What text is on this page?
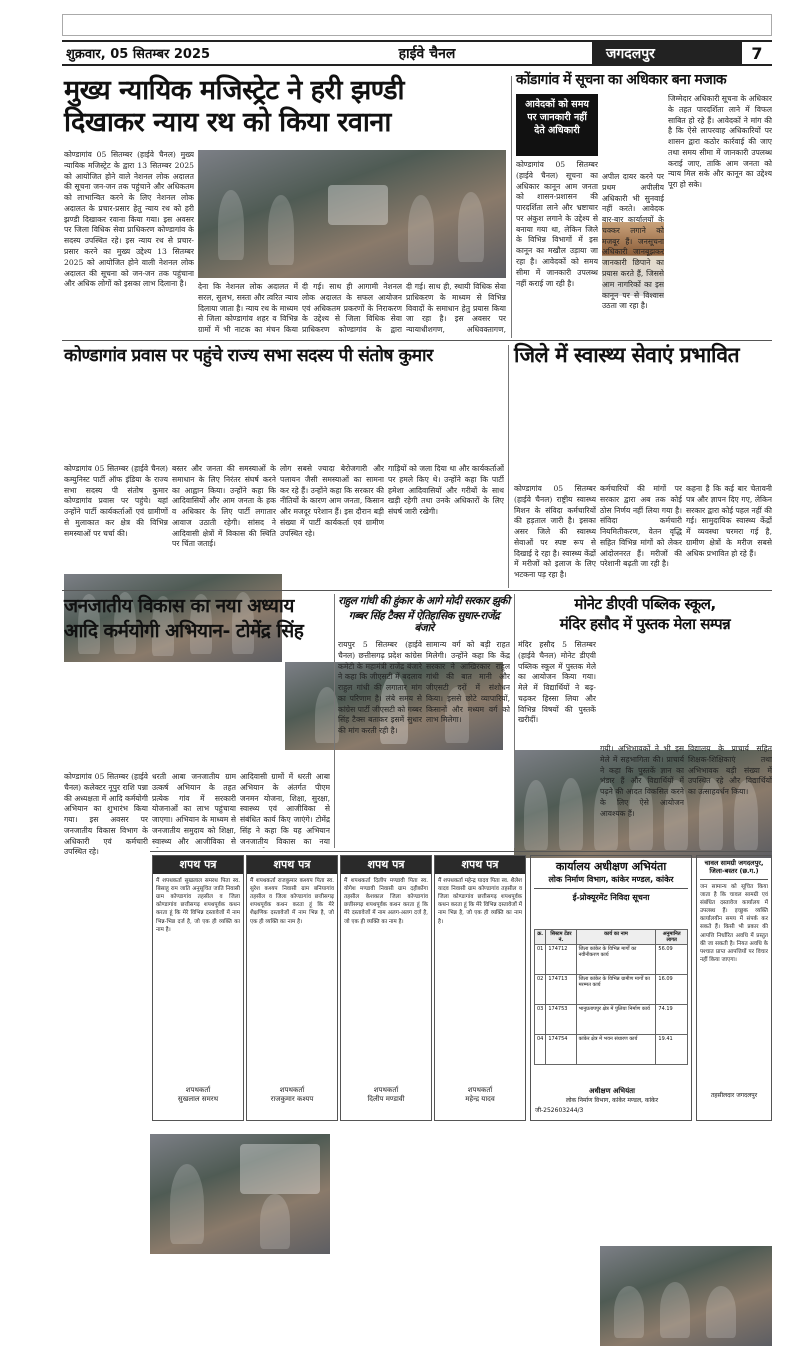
शुक्रवार, 05 सितम्बर 2025	हाईवे चैनल	जगदलपुर	7
मुख्य न्यायिक मजिस्ट्रेट ने हरी झण्डी
दिखाकर न्याय रथ को किया रवाना
कोण्डागांव 05 सितम्बर (हाईवे चैनल) मुख्य न्यायिक मजिस्ट्रेट के द्वारा 13 सितम्बर 2025 को आयोजित होने वाले नेशनल लोक अदालत की सूचना जन-जन तक पहुंचाने और अधिकतम को लाभान्वित करने के लिए नेशनल लोक अदालत के प्रचार-प्रसार हेतु न्याय रथ को हरी झण्डी दिखाकर रवाना किया गया। इस अवसर पर जिला विधिक सेवा प्राधिकरण कोण्डागांव के सदस्य उपस्थित रहे। इस न्याय रथ से प्रचार-प्रसार करने का मुख्य उद्देश्य 13 सितम्बर 2025 को आयोजित होने वाली नेशनल लोक अदालत की सूचना को जन-जन तक पहुंचाना और अधिक लोगों को इसका लाभ दिलाना है।	देना कि नेशनल लोक अदालत में सरल, सुलभ, सस्ता और त्वरित न्याय दिलाया जाता है। न्याय रथ के माध्यम से जिला कोण्डागांव शहर व विभिन्न ग्रामों में भी नाटक का मंचन किया
दी गई। साथ ही आगामी नेशनल लोक अदालत के सफल आयोजन एवं अधिकतम प्रकरणों के निराकरण के उद्देश्य से जिला विधिक सेवा प्राधिकरण कोण्डागांव के द्वारा
दी गई। साथ ही, स्थायी विधिक सेवा प्राधिकरण के माध्यम से विभिन्न विवादों के समाधान हेतु प्रयास किया जा रहा है। इस अवसर पर न्यायाधीशगण, अधिवक्तागण,
कोंडागांव में सूचना का अधिकार बना मजाक
आवेदकों को समय पर जानकारी नहीं देते अधिकारी
जिम्मेदार अधिकारी सूचना के अधिकार के तहत पारदर्शिता लाने में विफल साबित हो रहे हैं। आवेदकों ने मांग की है कि ऐसे लापरवाह अधिकारियों पर शासन द्वारा कठोर कार्रवाई की जाए तथा समय सीमा में जानकारी उपलब्ध कराई जाए, ताकि आम जनता को न्याय मिल सके और कानून का उद्देश्य पूरा हो सके।
कोण्डागांव 05 सितम्बर (हाईवे चैनल) सूचना का अधिकार कानून आम जनता को शासन-प्रशासन की पारदर्शिता लाने और भ्रष्टाचार पर अंकुश लगाने के उद्देश्य से बनाया गया था, लेकिन जिले के विभिन्न विभागों में इस कानून का मखौल उड़ाया जा रहा है। आवेदकों को समय सीमा में जानकारी उपलब्ध नहीं कराई जा रही है।
अपील दायर करने पर प्रथम अपीलीय अधिकारी भी सुनवाई नहीं करते। आवेदक बार-बार कार्यालयों के चक्कर लगाने को मजबूर हैं। जनसूचना अधिकारी जानबूझकर जानकारी छिपाने का प्रयास करते हैं, जिससे आम नागरिकों का इस कानून पर से विश्वास उठता जा रहा है।
कोण्डागांव प्रवास पर पहुंचे राज्य सभा सदस्य पी संतोष कुमार
कोण्डागांव 05 सितम्बर (हाईवे चैनल) कम्युनिस्ट पार्टी ऑफ इंडिया के राज्य सभा सदस्य पी संतोष कुमार कोण्डागांव प्रवास पर पहुंचे। यहां उन्होंने पार्टी कार्यकर्ताओं एवं ग्रामीणों से मुलाकात कर क्षेत्र की विभिन्न समस्याओं पर चर्चा की।
बस्तर और जनता की समस्याओं के समाधान के लिए निरंतर संघर्ष करने का आह्वान किया। उन्होंने कहा कि आदिवासियों और आम जनता के हक व अधिकार के लिए पार्टी लगातार आवाज उठाती रहेगी। सांसद ने आदिवासी क्षेत्रों में विकास की स्थिति पर चिंता जताई।
लोग सबसे ज्यादा बेरोजगारी और पलायन जैसी समस्याओं का सामना कर रहे हैं। उन्होंने कहा कि सरकार की नीतियों के कारण आम जनता, किसान और मजदूर परेशान हैं। इस दौरान बड़ी संख्या में पार्टी कार्यकर्ता एवं ग्रामीण उपस्थित रहे।
गाड़ियों को जला दिया था और कार्यकर्ताओं पर हमले किए थे। उन्होंने कहा कि पार्टी हमेशा आदिवासियों और गरीबों के साथ खड़ी रहेगी तथा उनके अधिकारों के लिए संघर्ष जारी रखेगी।
जिले में स्वास्थ्य सेवाएं प्रभावित
कोण्डागांव 05 सितम्बर (हाईवे चैनल) राष्ट्रीय स्वास्थ्य मिशन के संविदा कर्मचारियों की हड़ताल जारी है। इसका असर जिले की स्वास्थ्य सेवाओं पर स्पष्ट रूप से दिखाई दे रहा है। स्वास्थ्य केंद्रों में मरीजों को इलाज के लिए भटकना पड़ रहा है।
कर्मचारियों की मांगों पर सरकार द्वारा अब तक कोई ठोस निर्णय नहीं लिया गया है। संविदा कर्मचारी नियमितीकरण, वेतन वृद्धि सहित विभिन्न मांगों को लेकर आंदोलनरत हैं। मरीजों की परेशानी बढ़ती जा रही है।
कहना है कि कई बार चेतावनी पत्र और ज्ञापन दिए गए, लेकिन सरकार द्वारा कोई पहल नहीं की गई। सामुदायिक स्वास्थ्य केंद्रों में व्यवस्था चरमरा गई है, ग्रामीण क्षेत्रों के मरीज सबसे अधिक प्रभावित हो रहे हैं।
जनजातीय विकास का नया अध्याय
आदि कर्मयोगी अभियान- टोमेंद्र सिंह
कोण्डागांव 05 सितम्बर (हाईवे चैनल) कलेक्टर नूपुर राशि पन्ना की अध्यक्षता में आदि कर्मयोगी अभियान का शुभारंभ किया गया। इस अवसर पर जनजातीय विकास विभाग के अधिकारी एवं कर्मचारी उपस्थित रहे।
धरती आबा जनजातीय ग्राम उत्कर्ष अभियान के तहत प्रत्येक गांव में सरकारी योजनाओं का लाभ पहुंचाया जाएगा। अभियान के माध्यम से जनजातीय समुदाय को शिक्षा, स्वास्थ्य और आजीविका से
आदिवासी ग्रामों में धरती आबा अभियान के अंतर्गत पीएम जनमन योजना, शिक्षा, सुरक्षा, स्वास्थ्य एवं आजीविका से संबंधित कार्य किए जाएंगे। टोमेंद्र सिंह ने कहा कि यह अभियान जनजातीय विकास का नया
राहुल गांधी की हुंकार के आगे मोदी सरकार झुकी
गब्बर सिंह टैक्स में ऐतिहासिक सुधार-राजेंद्र बंजारे
रायपुर 5 सितम्बर (हाईवे चैनल) छत्तीसगढ़ प्रदेश कांग्रेस कमेटी के महामंत्री राजेंद्र बंजारे ने कहा कि जीएसटी में बदलाव राहुल गांधी की लगातार मांग का परिणाम है। लंबे समय से कांग्रेस पार्टी जीएसटी को गब्बर सिंह टैक्स बताकर इसमें सुधार की मांग करती रही है।
सामान्य वर्ग को बड़ी राहत मिलेगी। उन्होंने कहा कि केंद्र सरकार ने आखिरकार राहुल गांधी की बात मानी और जीएसटी दरों में संशोधन किया। इससे छोटे व्यापारियों, किसानों और मध्यम वर्ग को लाभ मिलेगा।
मोनेट डीएवी पब्लिक स्कूल,
मंदिर हसौद में पुस्तक मेला सम्पन्न
मंदिर हसौद 5 सितम्बर (हाईवे चैनल) मोनेट डीएवी पब्लिक स्कूल में पुस्तक मेले का आयोजन किया गया। मेले में विद्यार्थियों ने बढ़-चढ़कर हिस्सा लिया और विभिन्न विषयों की पुस्तकें खरीदीं।
गयी। अभिभावकों ने भी इस मेले में सहभागिता की। प्राचार्य ने कहा कि पुस्तकें ज्ञान का भंडार हैं और विद्यार्थियों में पढ़ने की आदत विकसित करने के लिए ऐसे आयोजन आवश्यक हैं।
विद्यालय के प्राचार्य सहित शिक्षक-शिक्षिकाएं तथा अभिभावक बड़ी संख्या में उपस्थित रहे और विद्यार्थियों का उत्साहवर्धन किया।
शपथ पत्र
मैं शपथकर्ता सुखलाल समरथ पिता स्व. बिसाहू राम जाति अनुसूचित जाति निवासी ग्राम कोण्डागांव तहसील व जिला कोण्डागांव छत्तीसगढ़ शपथपूर्वक कथन करता हूं कि मेरे विभिन्न दस्तावेजों में नाम भिन्न-भिन्न दर्ज है, जो एक ही व्यक्ति का नाम है।
शपथकर्ता
सुखलाल समरथ
शपथ पत्र
मैं शपथकर्ता राजकुमार कश्यप पिता स्व. सुरेश कश्यप निवासी ग्राम बनियागांव तहसील व जिला कोण्डागांव छत्तीसगढ़ शपथपूर्वक कथन करता हूं कि मेरे शैक्षणिक दस्तावेजों में नाम भिन्न है, जो एक ही व्यक्ति का नाम है।
शपथकर्ता
राजकुमार कश्यप
शपथ पत्र
मैं शपथकर्ता दिलीप मण्डावी पिता स्व. योगेश मण्डावी निवासी ग्राम दहीकोंगा तहसील केशकाल जिला कोण्डागांव छत्तीसगढ़ शपथपूर्वक कथन करता हूं कि मेरे दस्तावेजों में नाम अलग-अलग दर्ज है, जो एक ही व्यक्ति का नाम है।
शपथकर्ता
दिलीप मण्डावी
शपथ पत्र
मैं शपथकर्ता महेन्द्र यादव पिता स्व. शैलेश यादव निवासी ग्राम कोण्डागांव तहसील व जिला कोण्डागांव छत्तीसगढ़ शपथपूर्वक कथन करता हूं कि मेरे विभिन्न दस्तावेजों में नाम भिन्न है, जो एक ही व्यक्ति का नाम है।
शपथकर्ता
महेन्द्र यादव
कार्यालय अधीक्षण अभियंता
लोक निर्माण विभाग, कांकेर मण्डल, कांकेर
ई-प्रोक्यूरमेंट निविदा सूचना
क्र.	सिस्टम टेंडर नं.	कार्य का नाम	अनुमानित लागत
01	174712	जिला कांकेर के विभिन्न मार्गों का नवीनीकरण कार्य	56.09
02	174713	जिला कांकेर के विभिन्न ग्रामीण मार्गों का मरम्मत कार्य	16.09
03	174753	भानुप्रतापपुर क्षेत्र में पुलिया निर्माण कार्य	74.19
04	174754	कांकेर क्षेत्र में भवन संधारण कार्य	19.41
अधीक्षण अभियंता
लोक निर्माण विभाग, कांकेर मण्डल, कांकेर
जी-252603244/3
चावल सामग्री जगदलपुर, जिला-बस्तर (छ.ग.)
जन सामान्य को सूचित किया जाता है कि चावल सामग्री एवं संबंधित दस्तावेज कार्यालय में उपलब्ध हैं। इच्छुक व्यक्ति कार्यालयीन समय में संपर्क कर सकते हैं। किसी भी प्रकार की आपत्ति निर्धारित अवधि में प्रस्तुत की जा सकती है। नियत अवधि के पश्चात प्राप्त आपत्तियों पर विचार नहीं किया जाएगा।
तहसीलदार जगदलपुर
